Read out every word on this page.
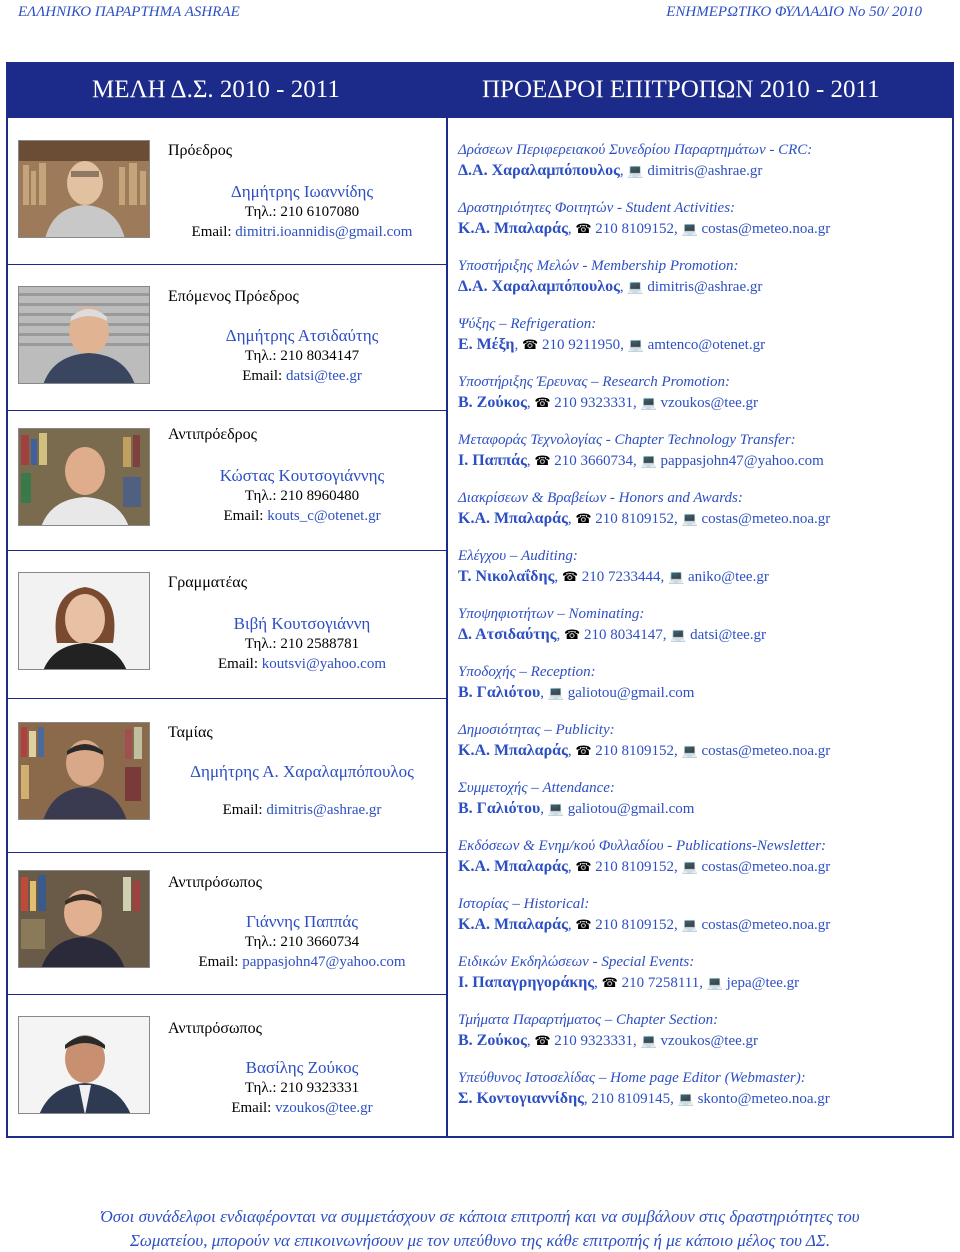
ΕΛΛΗΝΙΚΟ ΠΑΡΑΡΤΗΜΑ ASHRAE	ΕΝΗΜΕΡΩΤΙΚΟ ΦΥΛΛΑΔΙΟ Νο 50/ 2010
ΜΕΛΗ Δ.Σ. 2010 - 2011	ΠΡΟΕΔΡΟΙ ΕΠΙΤΡΟΠΩΝ 2010 - 2011
Πρόεδρος
Δημήτρης Ιωαννίδης
Τηλ.: 210 6107080
Email: dimitri.ioannidis@gmail.com
Επόμενος Πρόεδρος
Δημήτρης Ατσιδαύτης
Τηλ.: 210 8034147
Email: datsi@tee.gr
Αντιπρόεδρος
Κώστας Κουτσογιάννης
Τηλ.: 210 8960480
Email: kouts_c@otenet.gr
Γραμματέας
Βιβή Κουτσογιάννη
Τηλ.: 210 2588781
Email: koutsvi@yahoo.com
Ταμίας
Δημήτρης Α. Χαραλαμπόπουλος
Email: dimitris@ashrae.gr
Αντιπρόσωπος
Γιάννης Παππάς
Τηλ.: 210 3660734
Email: pappasjohn47@yahoo.com
Αντιπρόσωπος
Βασίλης Ζούκος
Τηλ.: 210 9323331
Email: vzoukos@tee.gr
Δράσεων Περιφερειακού Συνεδρίου Παραρτημάτων - CRC:
Δ.Α. Χαραλαμπόπουλος, 💻 dimitris@ashrae.gr
Δραστηριότητες Φοιτητών - Student Activities:
Κ.Α. Μπαλαράς, ☎ 210 8109152, 💻 costas@meteo.noa.gr
Υποστήριξης Μελών - Membership Promotion:
Δ.Α. Χαραλαμπόπουλος, 💻 dimitris@ashrae.gr
Ψύξης – Refrigeration:
Ε. Μέξη, ☎ 210 9211950, 💻 amtenco@otenet.gr
Υποστήριξης Έρευνας – Research Promotion:
Β. Ζούκος, ☎ 210 9323331, 💻 vzoukos@tee.gr
Μεταφοράς Τεχνολογίας - Chapter Technology Transfer:
Ι. Παππάς, ☎ 210 3660734, 💻 pappasjohn47@yahoo.com
Διακρίσεων & Βραβείων - Honors and Awards:
Κ.Α. Μπαλαράς, ☎ 210 8109152, 💻 costas@meteo.noa.gr
Ελέγχου – Auditing:
Τ. Νικολαΐδης, ☎ 210 7233444, 💻 aniko@tee.gr
Υποψηφιοτήτων – Nominating:
Δ. Ατσιδαύτης, ☎ 210 8034147, 💻 datsi@tee.gr
Υποδοχής – Reception:
Β. Γαλιότου, 💻 galiotou@gmail.com
Δημοσιότητας – Publicity:
Κ.Α. Μπαλαράς, ☎ 210 8109152, 💻 costas@meteo.noa.gr
Συμμετοχής – Attendance:
Β. Γαλιότου, 💻 galiotou@gmail.com
Εκδόσεων & Ενημ/κού Φυλλαδίου - Publications-Newsletter:
Κ.Α. Μπαλαράς, ☎ 210 8109152, 💻 costas@meteo.noa.gr
Ιστορίας – Historical:
Κ.Α. Μπαλαράς, ☎ 210 8109152, 💻 costas@meteo.noa.gr
Ειδικών Εκδηλώσεων - Special Events:
Ι. Παπαγρηγοράκης, ☎ 210 7258111, 💻 jepa@tee.gr
Τμήματα Παραρτήματος – Chapter Section:
Β. Ζούκος, ☎ 210 9323331, 💻 vzoukos@tee.gr
Υπεύθυνος Ιστοσελίδας – Home page Editor (Webmaster):
Σ. Κοντογιαννίδης, 210 8109145, 💻 skonto@meteo.noa.gr
Όσοι συνάδελφοι ενδιαφέρονται να συμμετάσχουν σε κάποια επιτροπή και να συμβάλουν στις δραστηριότητες του
Σωματείου, μπορούν να επικοινωνήσουν με τον υπεύθυνο της κάθε επιτροπής ή με κάποιο μέλος του ΔΣ.
